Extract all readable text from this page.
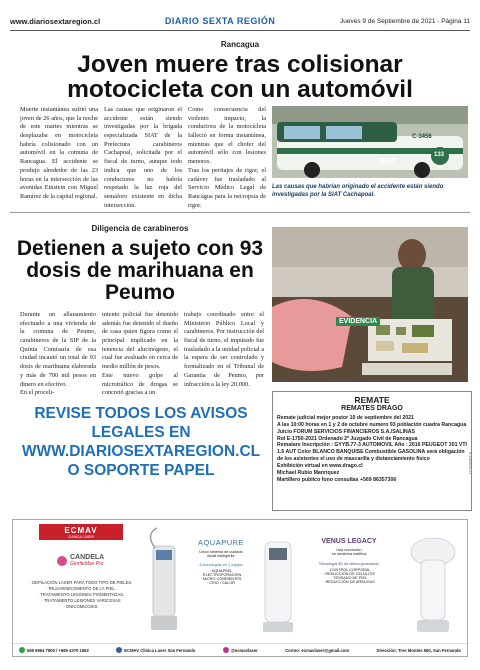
www.diariosextaregion.cl	DIARIO SEXTA REGIÓN	Jueves 9 de Septiembre de 2021 - Página 11
Rancagua
Joven muere tras colisionar motocicleta con un automóvil
Muerte instantánea sufrió una joven de 26 años, que la noche de este martes mientras se desplazaba en motocicleta habría colisionado con un automóvil en la comuna de Rancagua. El accidente se produjo alrededor de las 23 horas en la intersección de las avenidas Einstein con Miguel Ramírez de la capital regional.
Las causas que originaron el accidente están siendo investigadas por la brigada especializada SIAT de la Prefectura carabineros Cachapoal, solicitada por el fiscal de turno, aunque todo indica que uno de los conductores no habría respetado la luz roja del semáforo existente en dicha intersección.
Como consecuencia del violento impacto, la conductora de la motocicleta falleció en forma instantánea, mientras que el chofer del automóvil sólo con lesiones menores.
Tras los peritajes de rigor, el cadáver fue trasladado al Servicio Médico Legal de Rancagua para la necropsia de rigor.
C-3456
SIAT
133
Las causas que habrían originado el accidente están siendo investigadas por la SIAT Cachapoal.
Diligencia de carabineros
Detienen a sujeto con 93 dosis de marihuana en Peumo
Durante un allanamiento efectuado a una vivienda de la comuna de Peumo, carabineros de la SIP de la Quinta Comisaría de esa ciudad incautó un total de 93 dosis de marihuana elaborada y más de 700 mil pesos en dinero en efectivo.
En el proceli-
miento policial fue detenido además fue detenido el dueño de casa quien figura como el principal implicado en la tenencia del alucinógeno, el cual fue avaluado en cerca de medio millón de pesos.
Este nuevo golpe al microtráfico de drogas se concretó gracias a un
trabajo coordinado entre el Ministerio Público Local y carabineros. Por instrucción del fiscal de turno, el imputado fue trasladado a la unidad policial a la espera de ser controlado y formalizado en el Tribunal de Garantía de Peumo, por infracción a la ley 20.000.
EVIDENCIA
REVISE TODOS LOS AVISOS
LEGALES EN
WWW.DIARIOSEXTAREGION.CL
O SOPORTE PAPEL
REMATE
REMATES DRAGO

Remate judicial mejor postor 10 de septiembre del 2021

A las 10:00 horas en 1 y 2 de octubre numero 93 población cuadra Rancagua

Juicio FORUM SERVICIOS FINANCIEROS S.A./SALINAS

Rol E-1750-2021 Ordenado 2º Juzgado Civil de Rancagua

Rematare Inscripción : GYYB.77-3 AUTOMOVIL Año : 2016 PEUGEOT 301 VTI 1.6 AUT Color BLANCO BANQUISE Combustible GASOLINA será obligación de los asistentes el uso de mascarilla y distanciamiento físico

Exhibición virtual en www.drago.cl

Michael Rubio Manriquez

Martillero publico fono consultas +569 86357306

R.1200635-21
ECMAV
CLÍNICA LÁSER
CANDELA
GentleMax Pro
· DEPILACIÓN LÁSER PARA TODO TIPO DE PIELES.
· REJUVENECIMIENTO DE LA PIEL.
· TRATAMIENTO LESIONES PIGMENTADAS.
· TRATAMIENTO LESIONES VARICOSAS
· ONICOMICOSIS.
AQUAPURE
Único sistema de cuidado
facial inteligente
4 tecnologías en 1 equipo
· AQUAPEEL
· ELECTROPORACIÓN
· MICRO CORRIENTES
· CRIO / CALOR
VENUS LEGACY
Una revolución
en medicina estética
Tecnología 4D de última generación
· CONTROL CORPORAL
· REDUCCIÓN DE CELULITIS
· TENSADO DE PIEL
· REDUCCIÓN DE ARRUGAS
569 9964 7800 / +569 4370 1652	ECMAV Clínica Laser San Fernando	@ecmavlaser	Correo: ecmavlaser@gmail.com	Dirección: Tres Montes 560, San Fernando
